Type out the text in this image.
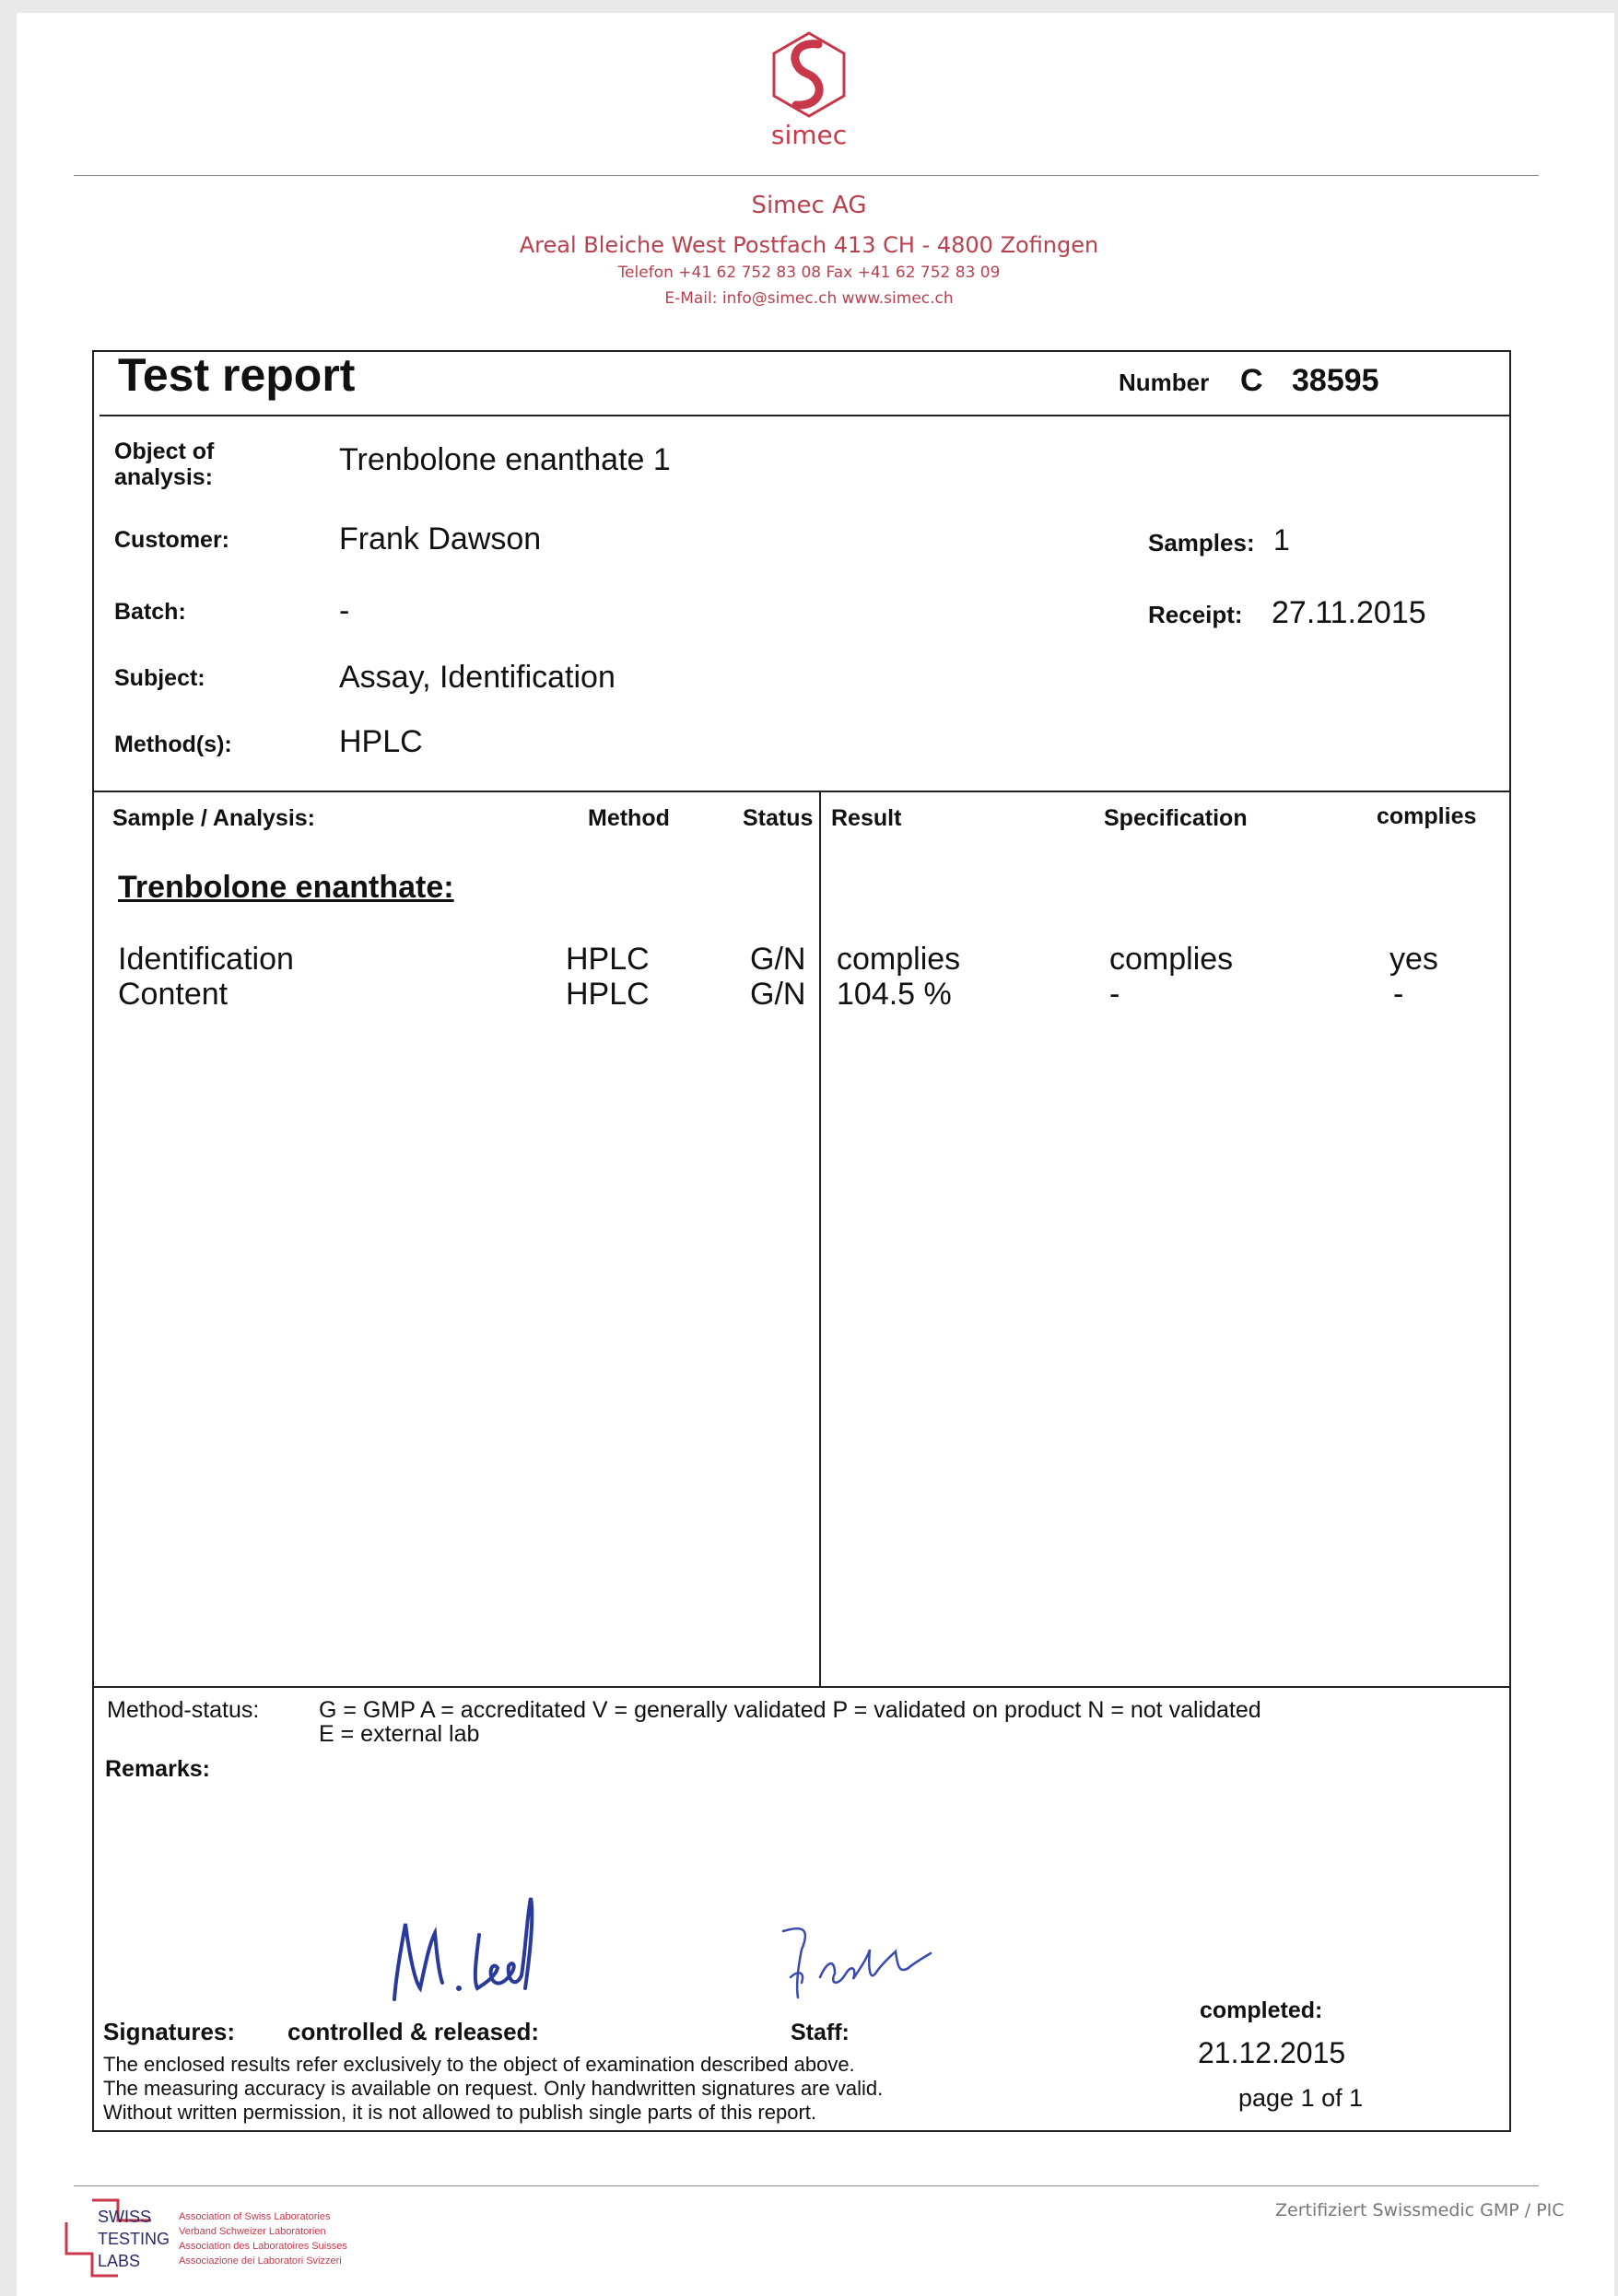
simec
Simec AG
Areal Bleiche West Postfach 413 CH - 4800 Zofingen
Telefon +41 62 752 83 08 Fax +41 62 752 83 09
E-Mail: info@simec.ch www.simec.ch
Test report	Number C 38595
Object of
analysis:	Trenbolone enanthate 1
Customer:	Frank Dawson	Samples: 1
Batch:	-	Receipt: 27.11.2015
Subject:	Assay, Identification
Method(s):	HPLC
Sample / Analysis:	Method	Status Result	Specification	complies
Trenbolone enanthate:
Identification	HPLC	G/N complies	complies	yes
Content	HPLC	G/N 104.5 %	-	-
Method-status:	G = GMP A = accreditated V = generally validated P = validated on product N = not validated
E = external lab
Remarks:
Signatures: controlled & released:	Staff:
completed:
21.12.2015
page 1 of 1
The enclosed results refer exclusively to the object of examination described above.
The measuring accuracy is available on request. Only handwritten signatures are valid.
Without written permission, it is not allowed to publish single parts of this report.
SWISS
TESTING
LABS
Association of Swiss Laboratories
Verband Schweizer Laboratorien
Association des Laboratoires Suisses
Associazione dei Laboratori Svizzeri
Zertifiziert Swissmedic GMP / PIC
